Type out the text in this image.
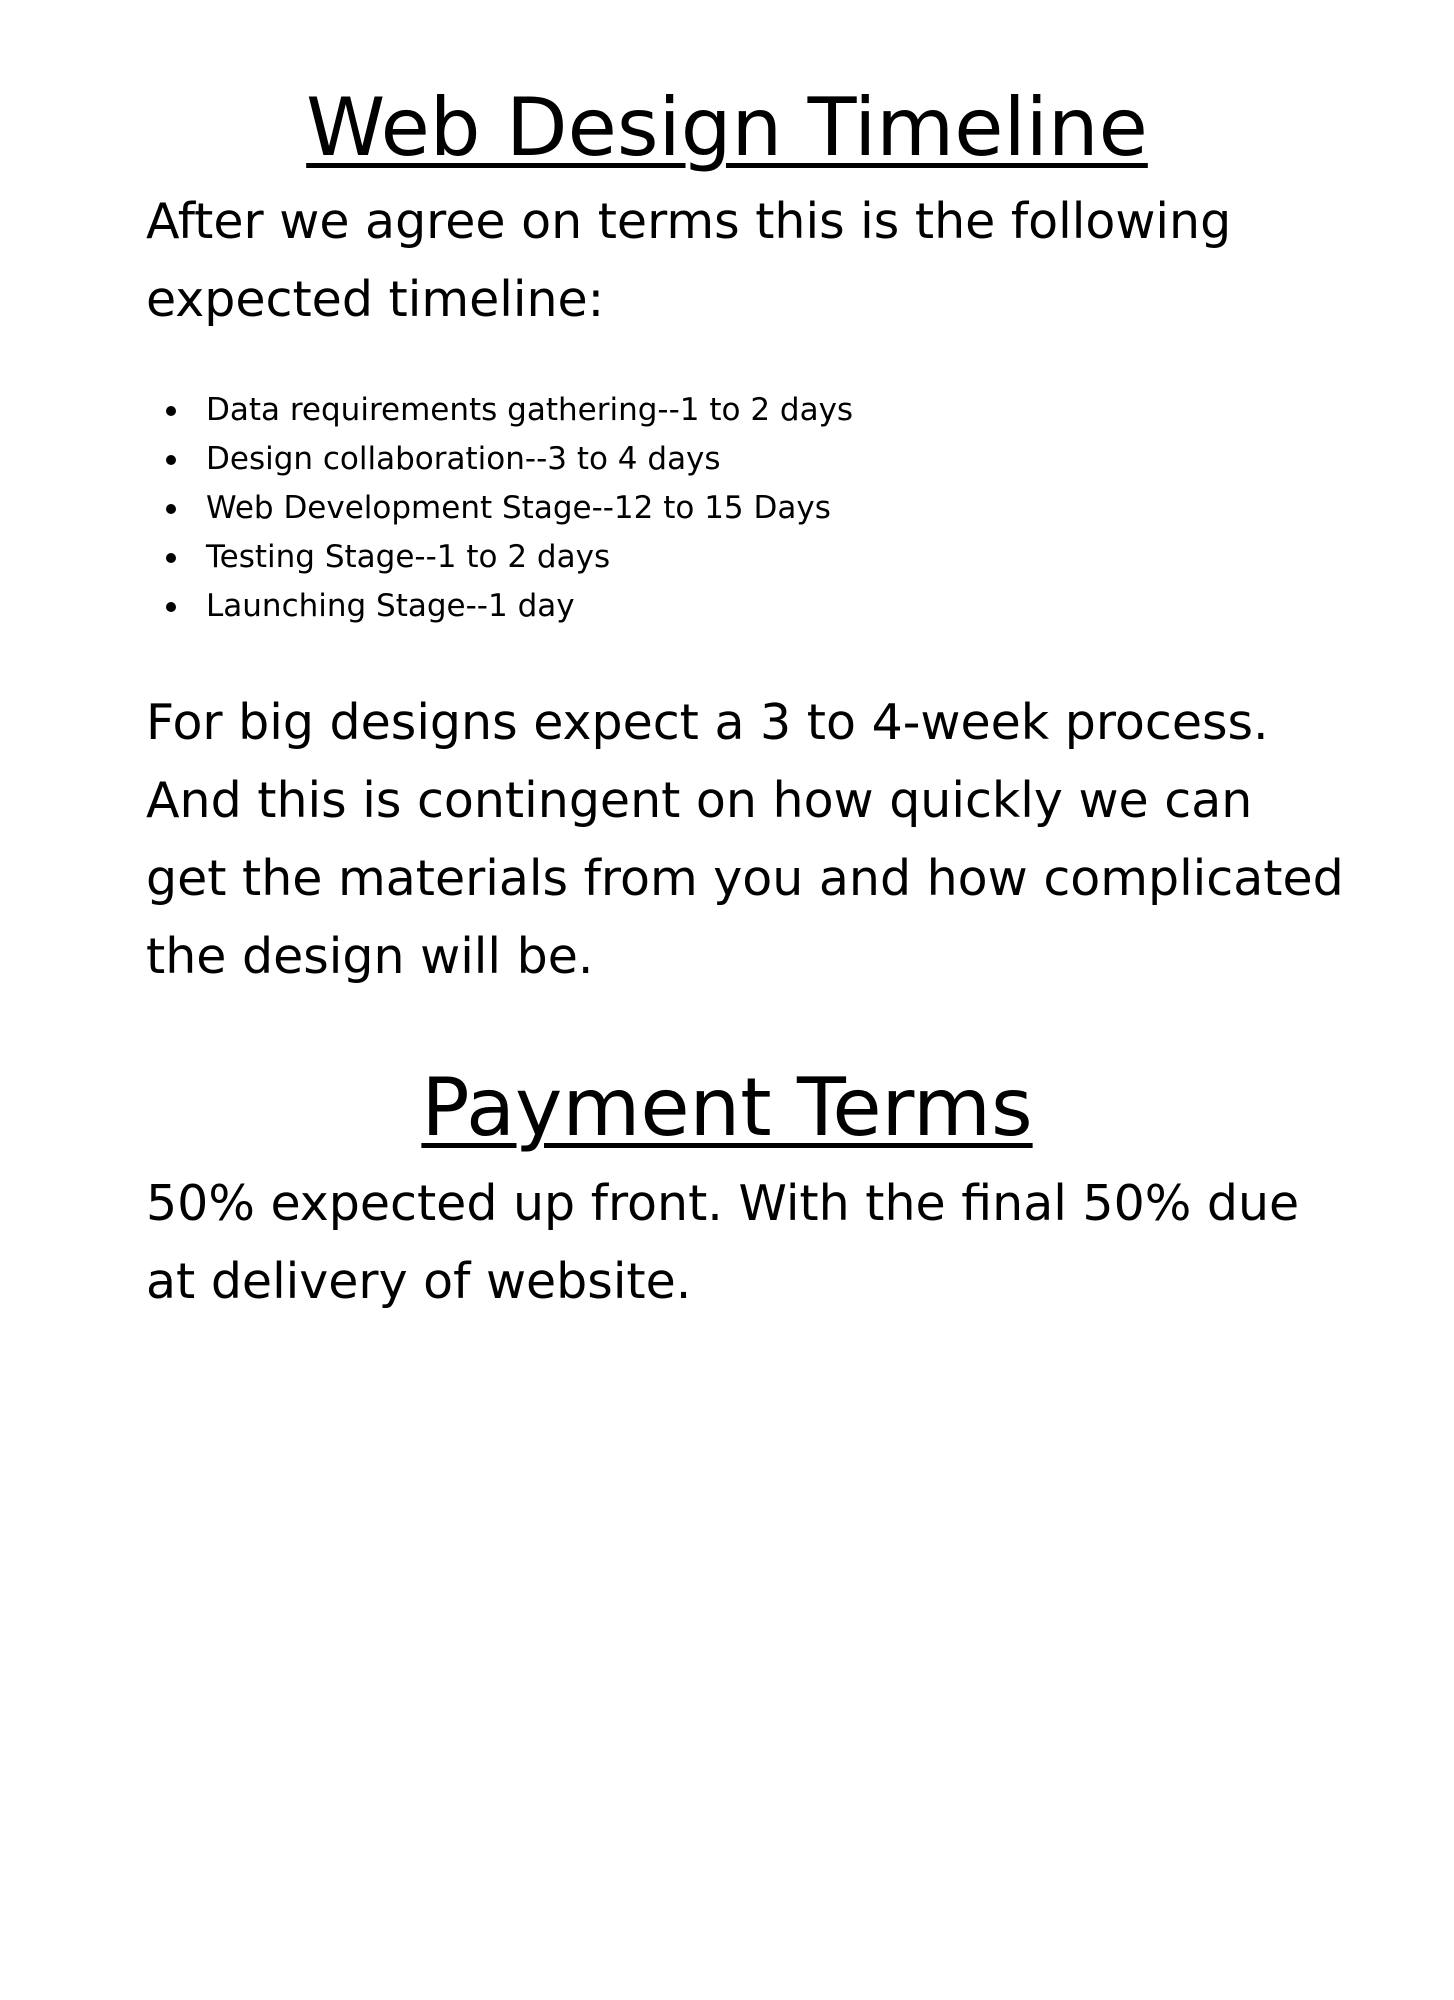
Web Design Timeline

After we agree on terms this is the following expected timeline:

Data requirements gathering--1 to 2 days
Design collaboration--3 to 4 days
Web Development Stage--12 to 15 Days
Testing Stage--1 to 2 days
Launching Stage--1 day

For big designs expect a 3 to 4-week process. And this is contingent on how quickly we can get the materials from you and how complicated the design will be.

Payment Terms

50% expected up front. With the final 50% due at delivery of website.
